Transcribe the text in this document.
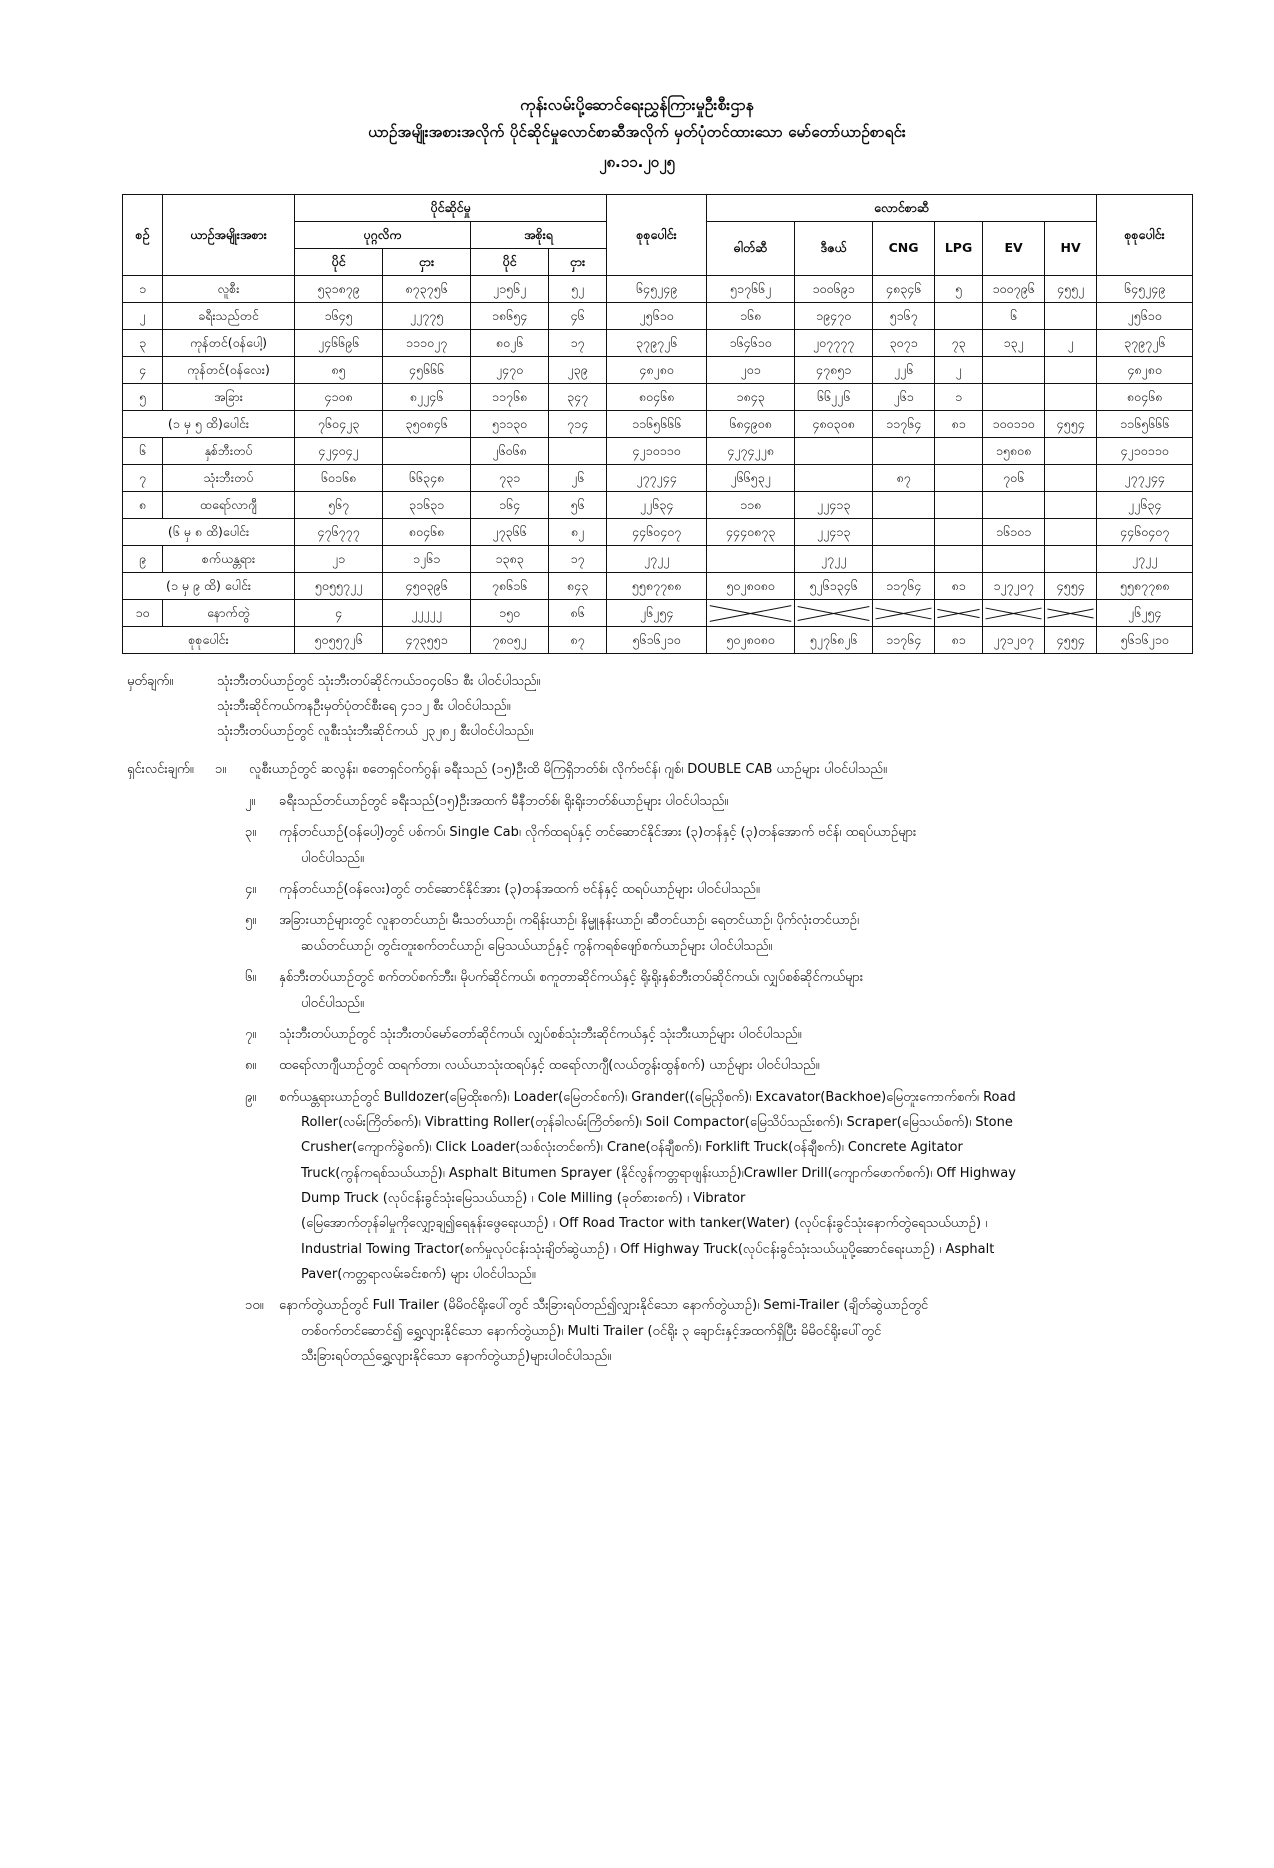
ကုန်းလမ်းပို့ဆောင်ရေးညွှန်ကြားမှုဦးစီးဌာန
ယာဉ်အမျိုးအစားအလိုက် ပိုင်ဆိုင်မှုလောင်စာဆီအလိုက် မှတ်ပုံတင်ထားသော မော်တော်ယာဉ်စာရင်း
၂၈.၁၁.၂၀၂၅
စဉ်	ယာဉ်အမျိုးအစား	ပိုင်ဆိုင်မှု				စုစုပေါင်း	လောင်စာဆီ						စုစုပေါင်း
		ပုဂ္ဂလိက		အစိုးရ			ဓါတ်ဆီ	ဒီဇယ်	CNG	LPG	EV	HV	
		ပိုင်	ငှား	ပိုင်	ငှား								
၁	လူစီး	၅၃၁၈၇၉	၈၇၃၇၅၆	၂၁၅၆၂	၅၂	၆၄၅၂၄၉	၅၁၇၆၆၂	၁၀၀၆၉၁	၄၈၃၄၆	၅	၁၀၀၇၉၆	၄၅၅၂	၆၄၅၂၄၉
၂	ခရီးသည်တင်	၁၆၄၅	၂၂၇၇၅	၁၈၆၅၄	၄၆	၂၅၆၁၀	၁၆၈	၁၉၄၇၀	၅၁၆၇		၆		၂၅၆၁၀
၃	ကုန်တင်(ဝန်ပေါ့)	၂၄၆၆၉၆	၁၁၁၀၂၇	၈၀၂၆	၁၇	၃၇၉၇၂၆	၁၆၄၆၁၀	၂၀၇၇၇၇	၃၀၇၁	၇၃	၁၃၂	၂	၃၇၉၇၂၆
၄	ကုန်တင်(ဝန်လေး)	၈၅	၄၅၆၆၆	၂၄၇၀	၂၃၉	၄၈၂၈၀	၂၀၁	၄၇၈၅၁	၂၂၆	၂			၄၈၂၈၀
၅	အခြား	၄၁၀၈	၈၂၂၄၆	၁၁၇၆၈	၃၄၇	၈၀၄၆၈	၁၈၄၃	၆၆၂၂၆	၂၆၁	၁			၈၀၄၆၈
(၁ မှ ၅ ထိ)ပေါင်း		၇၆၀၄၂၃	၃၅၀၈၄၆	၅၁၁၃၀	၇၁၄	၁၁၆၅၆၆၆	၆၈၄၉၀၈	၄၈၀၃၀၈	၁၁၇၆၄	၈၁	၁၀၀၁၁၀	၄၅၅၄	၁၁၆၅၆၆၆
၆	နှစ်ဘီးတပ်	၄၂၄၀၄၂		၂၆၀၆၈		၄၂၁၀၁၁၀	၄၂၇၄၂၂၈				၁၅၈၀၈		၄၂၁၀၁၁၀
၇	သုံးဘီးတပ်	၆၀၁၆၈	၆၆၃၄၈	၇၃၁	၂၆	၂၇၇၂၄၄	၂၆၆၅၃၂		၈၇		၇၀၆		၂၇၇၂၄၄
၈	ထရော်လာဂျီ	၅၆၇	၃၁၆၃၁	၁၆၄	၅၆	၂၂၆၃၄	၁၁၈	၂၂၄၁၃					၂၂၆၃၄
(၆ မှ ၈ ထိ)ပေါင်း		၄၇၆၇၇၇	၈၀၄၆၈	၂၇၃၆၆	၈၂	၄၄၆၀၄၀၇	၄၄၄၀၈၇၃	၂၂၄၁၃			၁၆၁၀၁		၄၄၆၀၄၀၇
၉	စက်ယန္တရား	၂၁	၁၂၆၁	၁၃၈၃	၁၇	၂၇၂၂		၂၇၂၂					၂၇၂၂
(၁ မှ ၉ ထိ) ပေါင်း		၅၀၅၅၇၂၂	၄၅၀၃၉၆	၇၈၆၁၆	၈၄၃	၅၅၈၇၇၈၈	၅၀၂၈၀၈၀	၅၂၆၁၃၄၆	၁၁၇၆၄	၈၁	၁၂၇၂၀၇	၄၅၅၄	၅၅၈၇၇၈၈
၁၀	နောက်တွဲ	၄	၂၂၂၂၂	၁၅၀	၈၆	၂၆၂၅၄							၂၆၂၅၄
စုစုပေါင်း		၅၀၅၅၇၂၆	၄၇၃၅၅၁	၇၈၀၅၂	၈၇	၅၆၁၆၂၁၀	၅၀၂၈၀၈၀	၅၂၇၆၈၂၆	၁၁၇၆၄	၈၁	၂၇၁၂၀၇	၄၅၅၄	၅၆၁၆၂၁၀
မှတ်ချက်။	သုံးဘီးတပ်ယာဉ်တွင် သုံးဘီးတပ်ဆိုင်ကယ်၁၀၄၀၆၁ စီး ပါဝင်ပါသည်။
သုံးဘီးဆိုင်ကယ်ကနဦးမှတ်ပုံတင်စီးရေ ၄၁၁၂ စီး ပါဝင်ပါသည်။
သုံးဘီးတပ်ယာဉ်တွင် လူစီးသုံးဘီးဆိုင်ကယ် ၂၃၂၈၂ စီးပါဝင်ပါသည်။
ရှင်းလင်းချက်။	၁။	လူစီးယာဉ်တွင် ဆလွန်း၊ စတေရှင်ဝက်ဂွန်၊ ခရီးသည် (၁၅)ဦးထိ မိကြရှိဘတ်စ်၊ လိုက်ဗင်န်၊ ဂျစ်၊ DOUBLE CAB ယာဉ်များ ပါဝင်ပါသည်။
၂။	ခရီးသည်တင်ယာဉ်တွင် ခရီးသည်(၁၅)ဦးအထက် မီနီဘတ်စ်၊ ရိုးရိုးဘတ်စ်ယာဉ်များ ပါဝင်ပါသည်။
၃။	ကုန်တင်ယာဉ်(ဝန်ပေါ့)တွင် ပစ်ကပ်၊ Single Cab၊ လိုက်ထရပ်နှင့် တင်ဆောင်နိုင်အား (၃)တန်နှင့် (၃)တန်အောက် ဗင်န်၊ ထရပ်ယာဉ်များ
ပါဝင်ပါသည်။
၄။	ကုန်တင်ယာဉ်(ဝန်လေး)တွင် တင်ဆောင်နိုင်အား (၃)တန်အထက် ဗင်န်နှင့် ထရပ်ယာဉ်များ ပါဝင်ပါသည်။
၅။	အခြားယာဉ်များတွင် လူနာတင်ယာဉ်၊ မီးသတ်ယာဉ်၊ ကရိန်းယာဉ်၊ နိမ္မူနန်းယာဉ်၊ ဆီတင်ယာဉ်၊ ရေတင်ယာဉ်၊ ပိုက်လုံးတင်ယာဉ်၊
ဆယ်တင်ယာဉ်၊ တွင်းတူးစက်တင်ယာဉ်၊ မြေသယ်ယာဉ်နှင့် ကွန်ကရစ်ဖျော်စက်ယာဉ်များ ပါဝင်ပါသည်။
၆။	နှစ်ဘီးတပ်ယာဉ်တွင် စက်တပ်စက်ဘီး၊ မိုပက်ဆိုင်ကယ်၊ စကူတာဆိုင်ကယ်နှင့် ရိုးရိုးနှစ်ဘီးတပ်ဆိုင်ကယ်၊ လျှပ်စစ်ဆိုင်ကယ်များ
ပါဝင်ပါသည်။
၇။	သုံးဘီးတပ်ယာဉ်တွင် သုံးဘီးတပ်မော်တော်ဆိုင်ကယ်၊ လျှပ်စစ်သုံးဘီးဆိုင်ကယ်နှင့် သုံးဘီးယာဉ်များ ပါဝင်ပါသည်။
၈။	ထရော်လာဂျီယာဉ်တွင် ထရက်တာ၊ လယ်ယာသုံးထရပ်နှင့် ထရော်လာဂျီ(လယ်တွန်းထွန်စက်) ယာဉ်များ ပါဝင်ပါသည်။
၉။	စက်ယန္တရားယာဉ်တွင် Bulldozer(မြေထိုးစက်)၊ Loader(မြေတင်စက်)၊ Grander((မြေညှိစက်)၊ Excavator(Backhoe)မြေတူးကောက်စက်၊ Road
Roller(လမ်းကြိတ်စက်)၊ Vibratting Roller(တုန်ခါလမ်းကြိတ်စက်)၊ Soil Compactor(မြေသိပ်သည်းစက်)၊ Scraper(မြေသယ်စက်)၊ Stone
Crusher(ကျောက်ခွဲစက်)၊ Click Loader(သစ်လုံးတင်စက်)၊ Crane(ဝန်ချီစက်)၊ Forklift Truck(ဝန်ချီစက်)၊ Concrete Agitator
Truck(ကွန်ကရစ်သယ်ယာဉ်)၊ Asphalt Bitumen Sprayer (နိုင်လွန်ကတ္တရာဖျန်းယာဉ်)၊Crawller Drill(ကျောက်ဖောက်စက်)၊ Off Highway
Dump Truck (လုပ်ငန်းခွင်သုံးမြေသယ်ယာဉ်) ၊ Cole Milling (ခုတ်စားစက်) ၊ Vibrator
(မြေအောက်တုန်ခါမှုကိုလျှော့ချ၍ရေနုန်းဖွေရေးယာဉ်) ၊ Off Road Tractor with tanker(Water) (လုပ်ငန်းခွင်သုံးနောက်တွဲရေသယ်ယာဉ်) ၊
Industrial Towing Tractor(စက်မှုလုပ်ငန်းသုံးချိတ်ဆွဲယာဉ်) ၊ Off Highway Truck(လုပ်ငန်းခွင်သုံးသယ်ယူပို့ဆောင်ရေးယာဉ်) ၊ Asphalt
Paver(ကတ္တရာလမ်းခင်းစက်) များ ပါဝင်ပါသည်။
၁၀။	နောက်တွဲယာဉ်တွင် Full Trailer (မိမိဝင်ရိုးပေါ်တွင် သီးခြားရပ်တည်၍လျှားနိုင်သော နောက်တွဲယာဉ်)၊ Semi-Trailer (ချိတ်ဆွဲယာဉ်တွင်
တစ်ဝက်တင်ဆောင်၍ ရွှေ့လျားနိုင်သော နောက်တွဲယာဉ်)၊ Multi Trailer (ဝင်ရိုး ၃ ချောင်းနှင့်အထက်ရှိပြီး မိမိဝင်ရိုးပေါ်တွင်
သီးခြားရပ်တည်ရွှေ့လျားနိုင်သော နောက်တွဲယာဉ်)များပါဝင်ပါသည်။
